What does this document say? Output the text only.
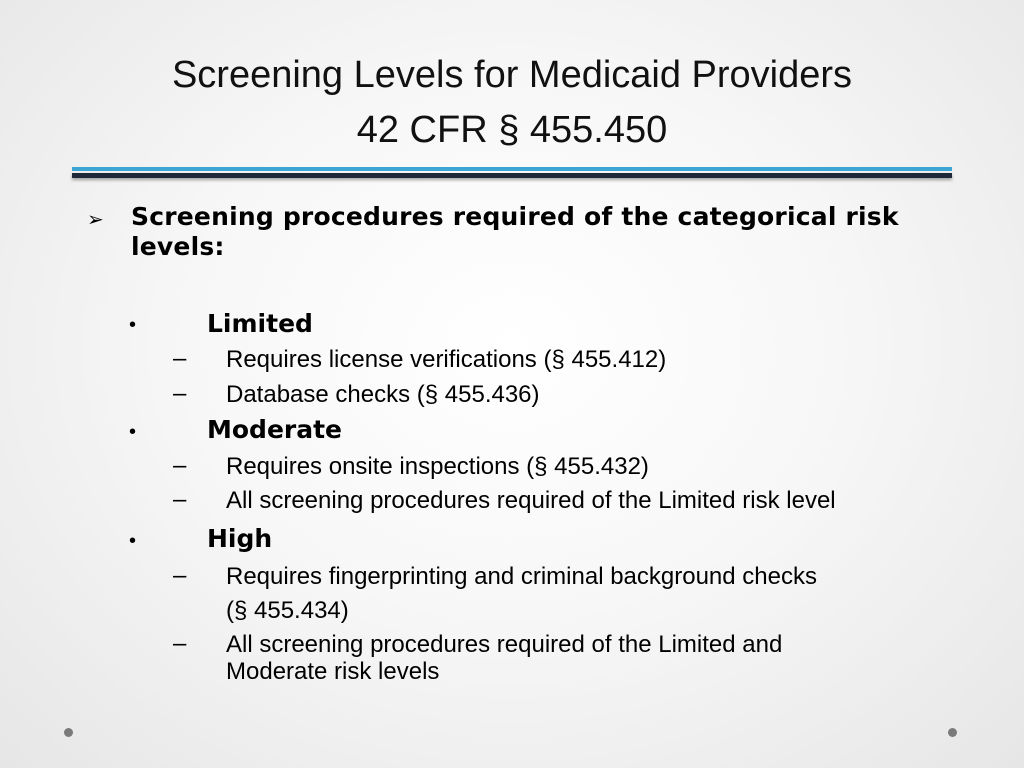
Screening Levels for Medicaid Providers
42 CFR § 455.450
➢ Screening procedures required of the categorical risk levels:
•	Limited
– Requires license verifications (§ 455.412)
– Database checks (§ 455.436)
•	Moderate
– Requires onsite inspections (§ 455.432)
– All screening procedures required of the Limited risk level
•	High
– Requires fingerprinting and criminal background checks
(§ 455.434)
– All screening procedures required of the Limited and
Moderate risk levels
